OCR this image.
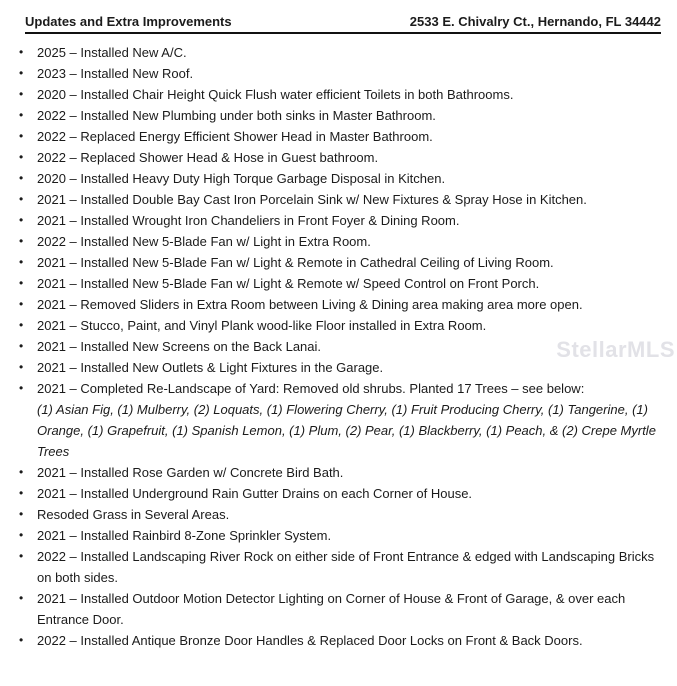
Updates and Extra Improvements	2533 E. Chivalry Ct., Hernando, FL 34442
• 2025 – Installed New A/C.
• 2023 – Installed New Roof.
• 2020 – Installed Chair Height Quick Flush water efficient Toilets in both Bathrooms.
• 2022 – Installed New Plumbing under both sinks in Master Bathroom.
• 2022 – Replaced Energy Efficient Shower Head in Master Bathroom.
• 2022 – Replaced Shower Head & Hose in Guest bathroom.
• 2020 – Installed Heavy Duty High Torque Garbage Disposal in Kitchen.
• 2021 – Installed Double Bay Cast Iron Porcelain Sink w/ New Fixtures & Spray Hose in Kitchen.
• 2021 – Installed Wrought Iron Chandeliers in Front Foyer & Dining Room.
• 2022 – Installed New 5-Blade Fan w/ Light in Extra Room.
• 2021 – Installed New 5-Blade Fan w/ Light & Remote in Cathedral Ceiling of Living Room.
• 2021 – Installed New 5-Blade Fan w/ Light & Remote w/ Speed Control on Front Porch.
• 2021 – Removed Sliders in Extra Room between Living & Dining area making area more open.
• 2021 – Stucco, Paint, and Vinyl Plank wood-like Floor installed in Extra Room.
• 2021 – Installed New Screens on the Back Lanai.
• 2021 – Installed New Outlets & Light Fixtures in the Garage.
• 2021 – Completed Re-Landscape of Yard: Removed old shrubs. Planted 17 Trees – see below:
(1) Asian Fig, (1) Mulberry, (2) Loquats, (1) Flowering Cherry, (1) Fruit Producing Cherry, (1) Tangerine, (1) Orange, (1) Grapefruit, (1) Spanish Lemon, (1) Plum, (2) Pear, (1) Blackberry, (1) Peach, & (2) Crepe Myrtle Trees
• 2021 – Installed Rose Garden w/ Concrete Bird Bath.
• 2021 – Installed Underground Rain Gutter Drains on each Corner of House.
• Resoded Grass in Several Areas.
• 2021 – Installed Rainbird 8-Zone Sprinkler System.
• 2022 – Installed Landscaping River Rock on either side of Front Entrance & edged with Landscaping Bricks on both sides.
• 2021 – Installed Outdoor Motion Detector Lighting on Corner of House & Front of Garage, & over each Entrance Door.
• 2022 – Installed Antique Bronze Door Handles & Replaced Door Locks on Front & Back Doors.
StellarMLS
